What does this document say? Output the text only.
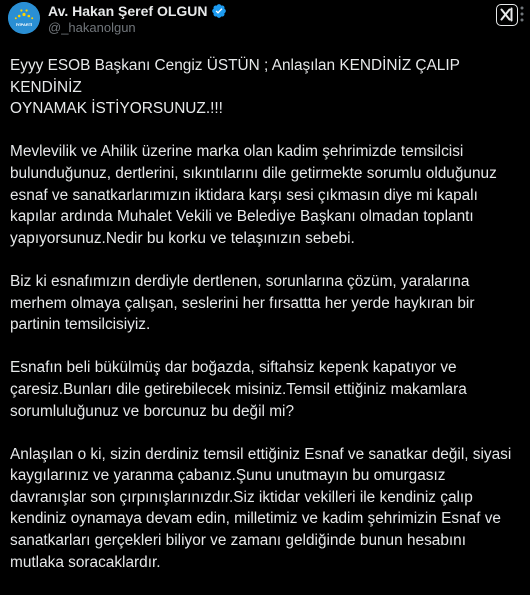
İYİPARTİ
Av. Hakan Şeref OLGUN
@_hakanolgun

Eyyy ESOB Başkanı Cengiz ÜSTÜN ; Anlaşılan KENDİNİZ ÇALIP KENDİNİZ
OYNAMAK İSTİYORSUNUZ.!!!

Mevlevilik ve Ahilik üzerine marka olan kadim şehrimizde temsilcisi
bulunduğunuz, dertlerini, sıkıntılarını dile getirmekte sorumlu olduğunuz
esnaf ve sanatkarlarımızın iktidara karşı sesi çıkmasın diye mi kapalı
kapılar ardında Muhalet Vekili ve Belediye Başkanı olmadan toplantı
yapıyorsunuz.Nedir bu korku ve telaşınızın sebebi.

Biz ki esnafımızın derdiyle dertlenen, sorunlarına çözüm, yaralarına
merhem olmaya çalışan, seslerini her fırsattta her yerde haykıran bir
partinin temsilcisiyiz.

Esnafın beli bükülmüş dar boğazda, siftahsiz kepenk kapatıyor ve
çaresiz.Bunları dile getirebilecek misiniz.Temsil ettiğiniz makamlara
sorumluluğunuz ve borcunuz bu değil mi?

Anlaşılan o ki, sizin derdiniz temsil ettiğiniz Esnaf ve sanatkar değil, siyasi
kaygılarınız ve yaranma çabanız.Şunu unutmayın bu omurgasız
davranışlar son çırpınışlarınızdır.Siz iktidar vekilleri ile kendiniz çalıp
kendiniz oynamaya devam edin, milletimiz ve kadim şehrimizin Esnaf ve
sanatkarları gerçekleri biliyor ve zamanı geldiğinde bunun hesabını
mutlaka soracaklardır.
